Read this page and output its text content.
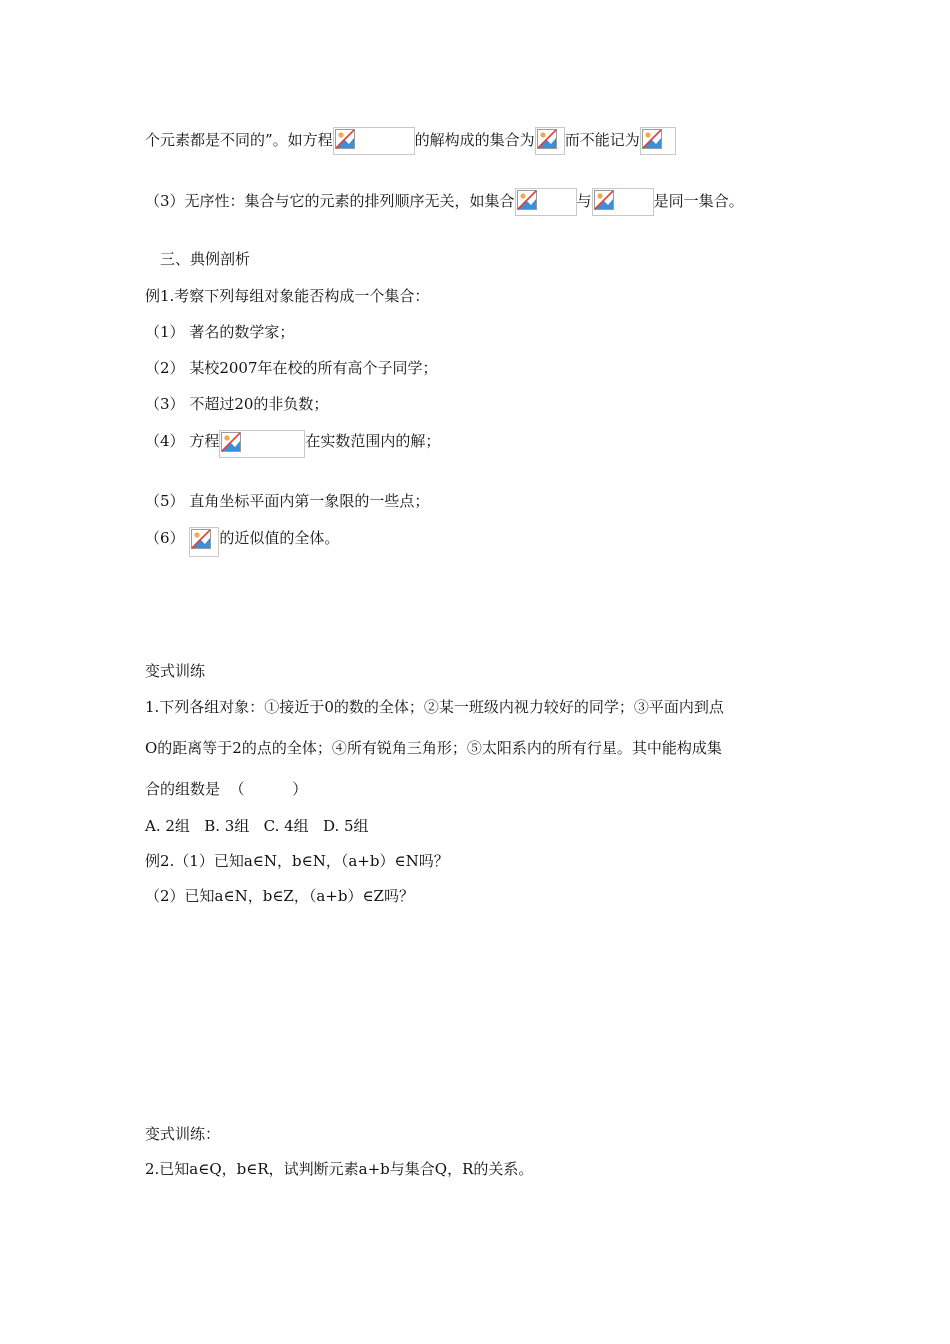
个元素都是不同的”。如方程	的解构成的集合为 而不能记为
（3）无序性：集合与它的元素的排列顺序无关，如集合	与	是同一集合。
三、典例剖析
例1.考察下列每组对象能否构成一个集合：
（1） 著名的数学家；
（2） 某校2007年在校的所有高个子同学；
（3） 不超过20的非负数；
（4） 方程	在实数范围内的解；
（5） 直角坐标平面内第一象限的一些点；
（6） 的近似值的全体。
变式训练
1.下列各组对象：①接近于0的数的全体；②某一班级内视力较好的同学；③平面内到点
O的距离等于2的点的全体；④所有锐角三角形；⑤太阳系内的所有行星。其中能构成集
合的组数是  （          ）
A. 2组   B. 3组   C. 4组   D. 5组
例2.（1）已知a∈N，b∈N，（a+b）∈N吗？
（2）已知a∈N，b∈Z，（a+b）∈Z吗？
变式训练：
2.已知a∈Q，b∈R，试判断元素a+b与集合Q，R的关系。
